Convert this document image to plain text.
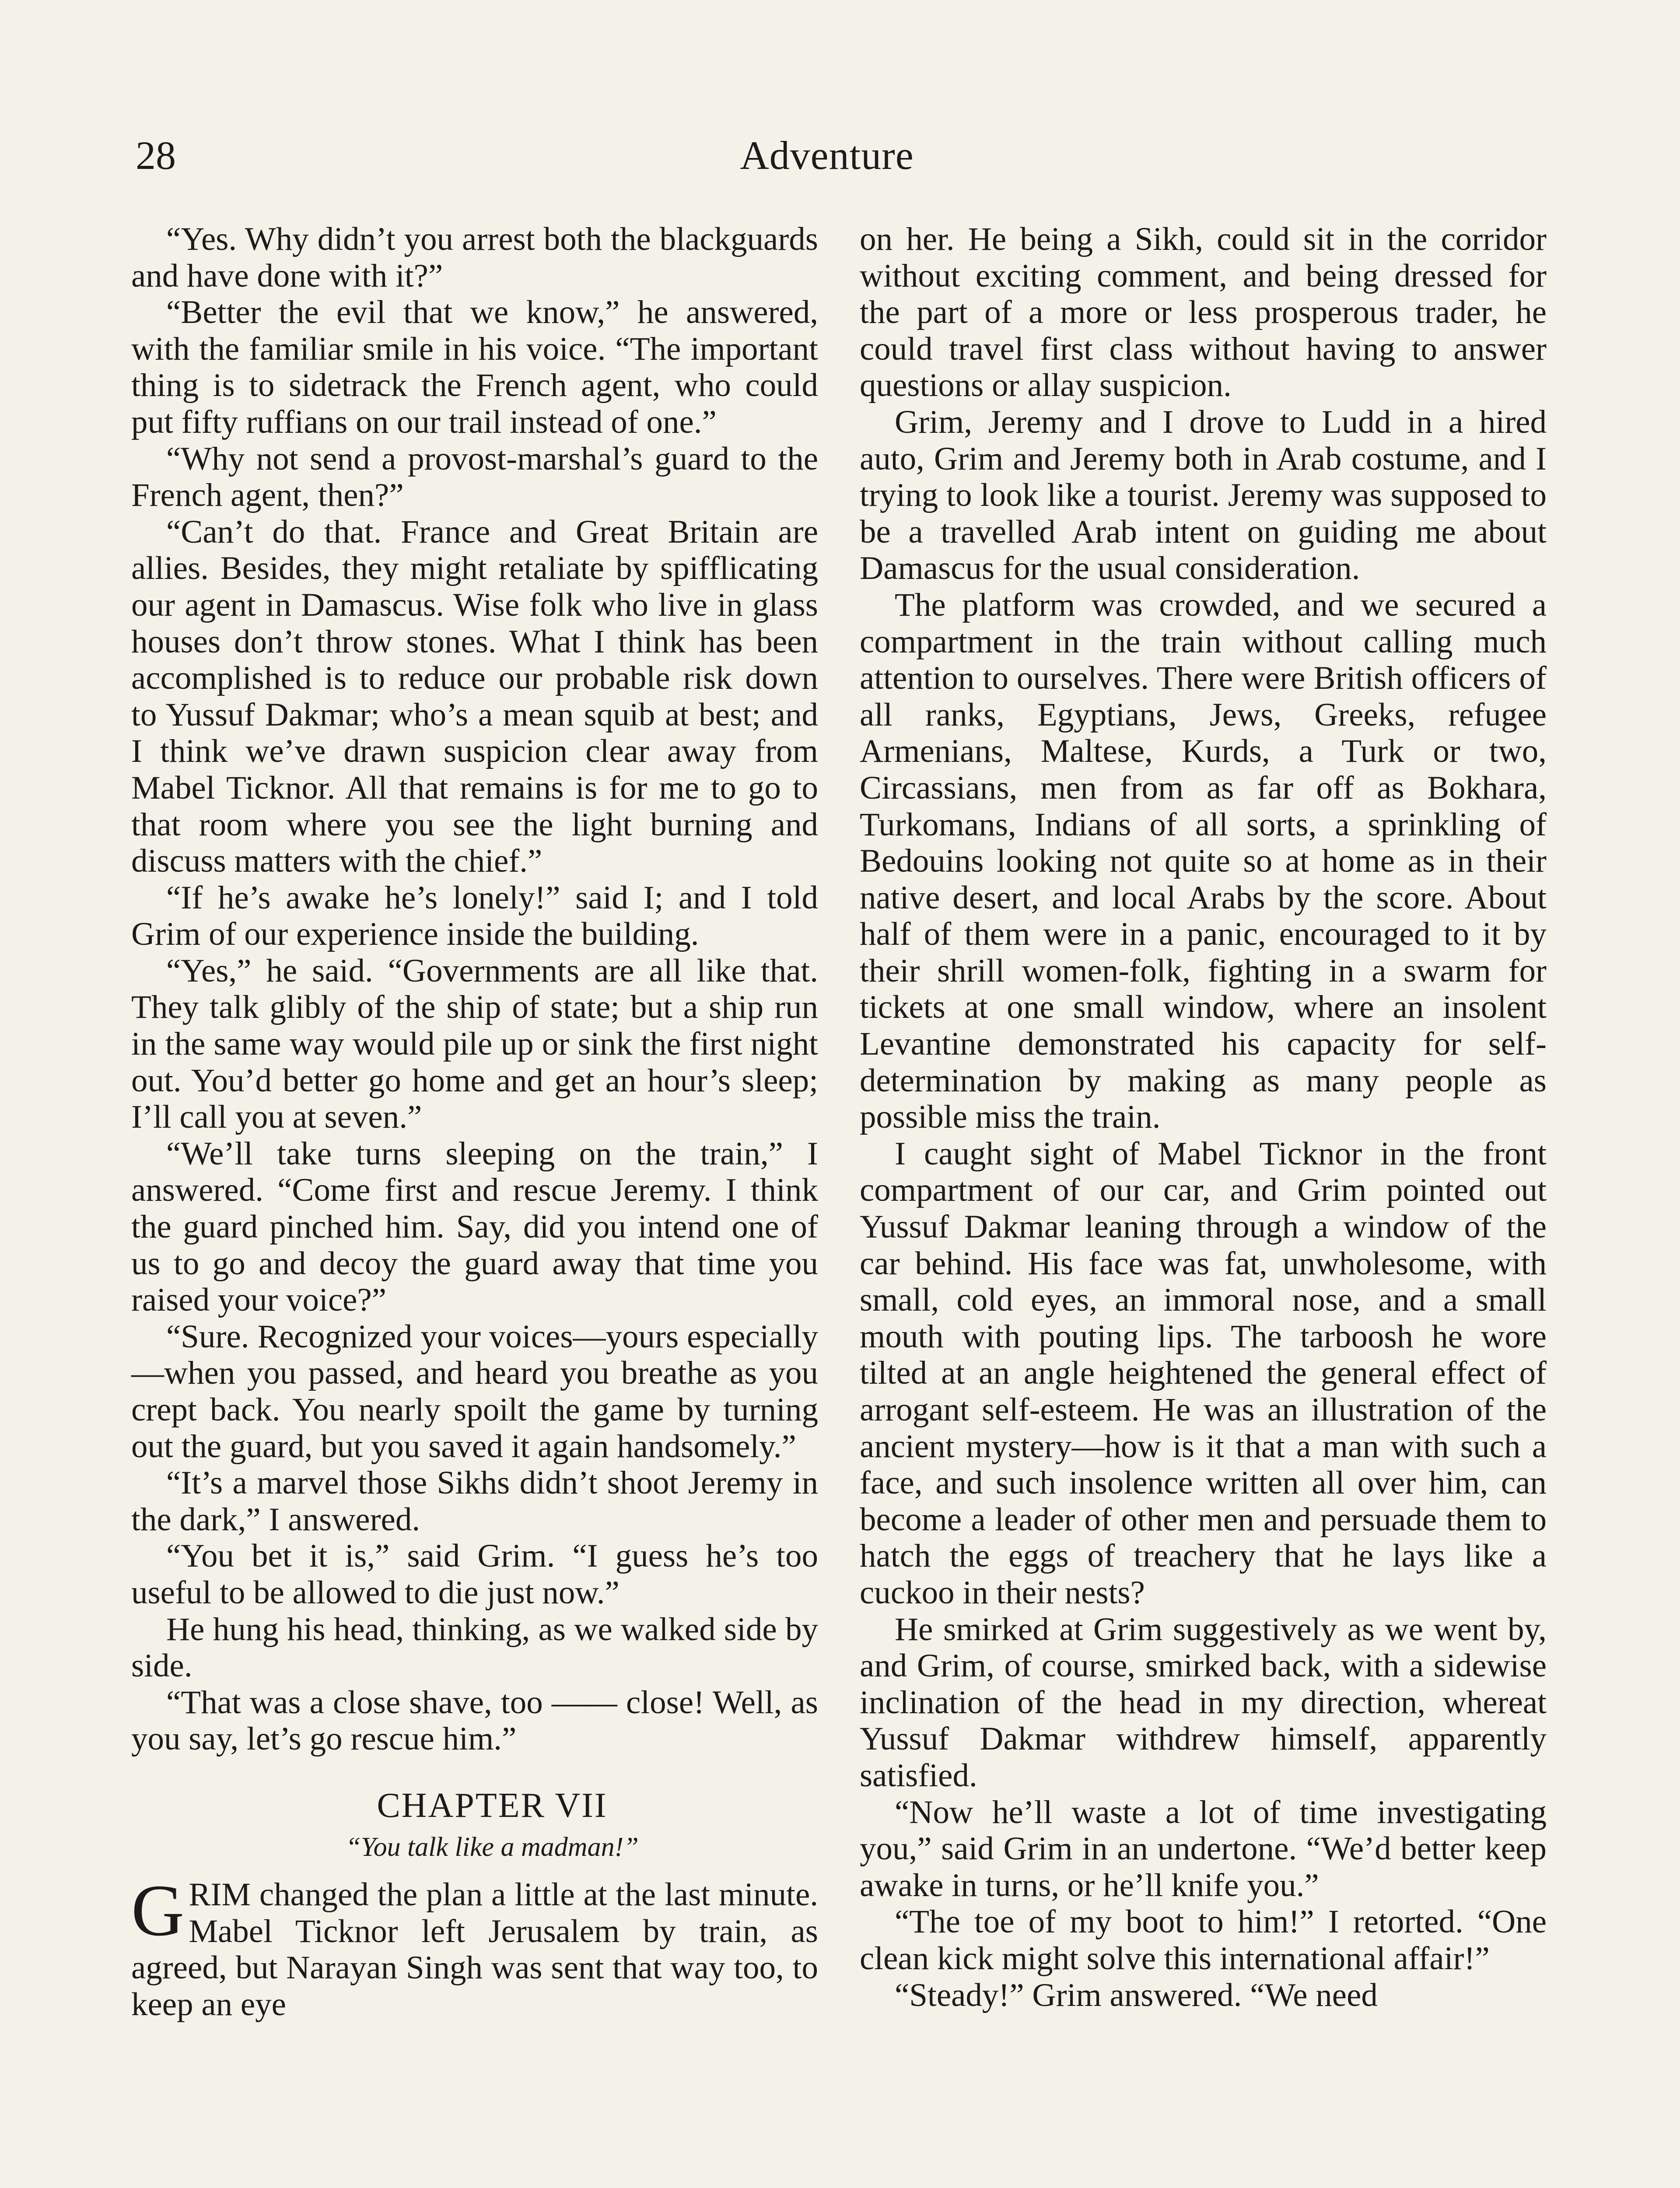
28	Adventure

“Yes. Why didn’t you arrest both the blackguards and have done with it?”

“Better the evil that we know,” he answered, with the familiar smile in his voice. “The important thing is to sidetrack the French agent, who could put fifty ruffians on our trail instead of one.”

“Why not send a provost-marshal’s guard to the French agent, then?”

“Can’t do that. France and Great Britain are allies. Besides, they might retaliate by spifflicating our agent in Damascus. Wise folk who live in glass houses don’t throw stones. What I think has been accomplished is to reduce our probable risk down to Yussuf Dakmar; who’s a mean squib at best; and I think we’ve drawn suspicion clear away from Mabel Ticknor. All that remains is for me to go to that room where you see the light burning and discuss matters with the chief.”

“If he’s awake he’s lonely!” said I; and I told Grim of our experience inside the building.

“Yes,” he said. “Governments are all like that. They talk glibly of the ship of state; but a ship run in the same way would pile up or sink the first night out. You’d better go home and get an hour’s sleep; I’ll call you at seven.”

“We’ll take turns sleeping on the train,” I answered. “Come first and rescue Jeremy. I think the guard pinched him. Say, did you intend one of us to go and decoy the guard away that time you raised your voice?”

“Sure. Recognized your voices—yours especially—when you passed, and heard you breathe as you crept back. You nearly spoilt the game by turning out the guard, but you saved it again handsomely.”

“It’s a marvel those Sikhs didn’t shoot Jeremy in the dark,” I answered.

“You bet it is,” said Grim. “I guess he’s too useful to be allowed to die just now.”

He hung his head, thinking, as we walked side by side.

“That was a close shave, too —— close! Well, as you say, let’s go rescue him.”

CHAPTER VII

“You talk like a madman!”

GRIM changed the plan a little at the last minute. Mabel Ticknor left Jerusalem by train, as agreed, but Narayan Singh was sent that way too, to keep an eye

on her. He being a Sikh, could sit in the corridor without exciting comment, and being dressed for the part of a more or less prosperous trader, he could travel first class without having to answer questions or allay suspicion.

Grim, Jeremy and I drove to Ludd in a hired auto, Grim and Jeremy both in Arab costume, and I trying to look like a tourist. Jeremy was supposed to be a travelled Arab intent on guiding me about Damascus for the usual consideration.

The platform was crowded, and we secured a compartment in the train without calling much attention to ourselves. There were British officers of all ranks, Egyptians, Jews, Greeks, refugee Armenians, Maltese, Kurds, a Turk or two, Circassians, men from as far off as Bokhara, Turkomans, Indians of all sorts, a sprinkling of Bedouins looking not quite so at home as in their native desert, and local Arabs by the score. About half of them were in a panic, encouraged to it by their shrill women-folk, fighting in a swarm for tickets at one small window, where an insolent Levantine demonstrated his capacity for self-determination by making as many people as possible miss the train.

I caught sight of Mabel Ticknor in the front compartment of our car, and Grim pointed out Yussuf Dakmar leaning through a window of the car behind. His face was fat, unwholesome, with small, cold eyes, an immoral nose, and a small mouth with pouting lips. The tarboosh he wore tilted at an angle heightened the general effect of arrogant self-esteem. He was an illustration of the ancient mystery—how is it that a man with such a face, and such insolence written all over him, can become a leader of other men and persuade them to hatch the eggs of treachery that he lays like a cuckoo in their nests?

He smirked at Grim suggestively as we went by, and Grim, of course, smirked back, with a sidewise inclination of the head in my direction, whereat Yussuf Dakmar withdrew himself, apparently satisfied.

“Now he’ll waste a lot of time investigating you,” said Grim in an undertone. “We’d better keep awake in turns, or he’ll knife you.”

“The toe of my boot to him!” I retorted. “One clean kick might solve this international affair!”

“Steady!” Grim answered. “We need
